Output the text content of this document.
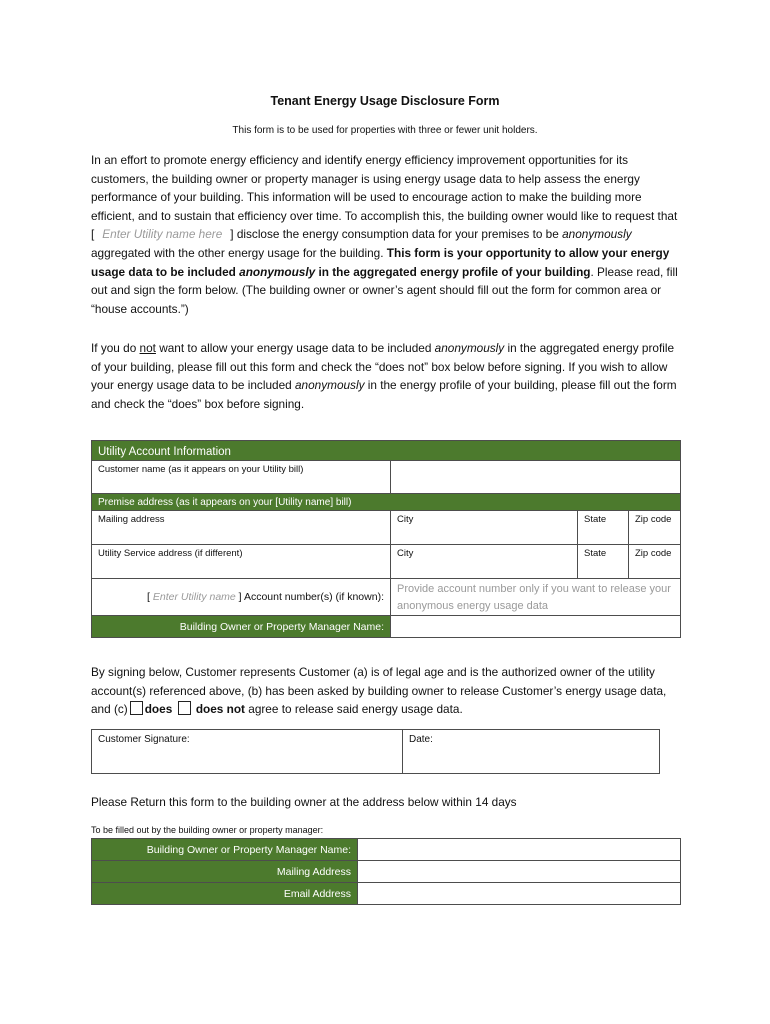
Tenant Energy Usage Disclosure Form
This form is to be used for properties with three or fewer unit holders.
In an effort to promote energy efficiency and identify energy efficiency improvement opportunities for its customers, the building owner or property manager is using energy usage data to help assess the energy performance of your building. This information will be used to encourage action to make the building more efficient, and to sustain that efficiency over time. To accomplish this, the building owner would like to request that [ Enter Utility name here ] disclose the energy consumption data for your premises to be anonymously aggregated with the other energy usage for the building. This form is your opportunity to allow your energy usage data to be included anonymously in the aggregated energy profile of your building. Please read, fill out and sign the form below. (The building owner or owner’s agent should fill out the form for common area or “house accounts.”)
If you do not want to allow your energy usage data to be included anonymously in the aggregated energy profile of your building, please fill out this form and check the “does not” box below before signing. If you wish to allow your energy usage data to be included anonymously in the energy profile of your building, please fill out the form and check the “does” box before signing.
Utility Account Information			
Customer name (as it appears on your Utility bill)			
Premise address (as it appears on your [Utility name] bill)			
Mailing address	City	State	Zip code
Utility Service address (if different)	City	State	Zip code
[ Enter Utility name ] Account number(s) (if known):	Provide account number only if you want to release your anonymous energy usage data		
Building Owner or Property Manager Name:			
By signing below, Customer represents Customer (a) is of legal age and is the authorized owner of the utility account(s) referenced above, (b) has been asked by building owner to release Customer’s energy usage data, and (c) does does not agree to release said energy usage data.
Customer Signature:	Date:
Please Return this form to the building owner at the address below within 14 days
To be filled out by the building owner or property manager:
Building Owner or Property Manager Name:	
Mailing Address	
Email Address	
